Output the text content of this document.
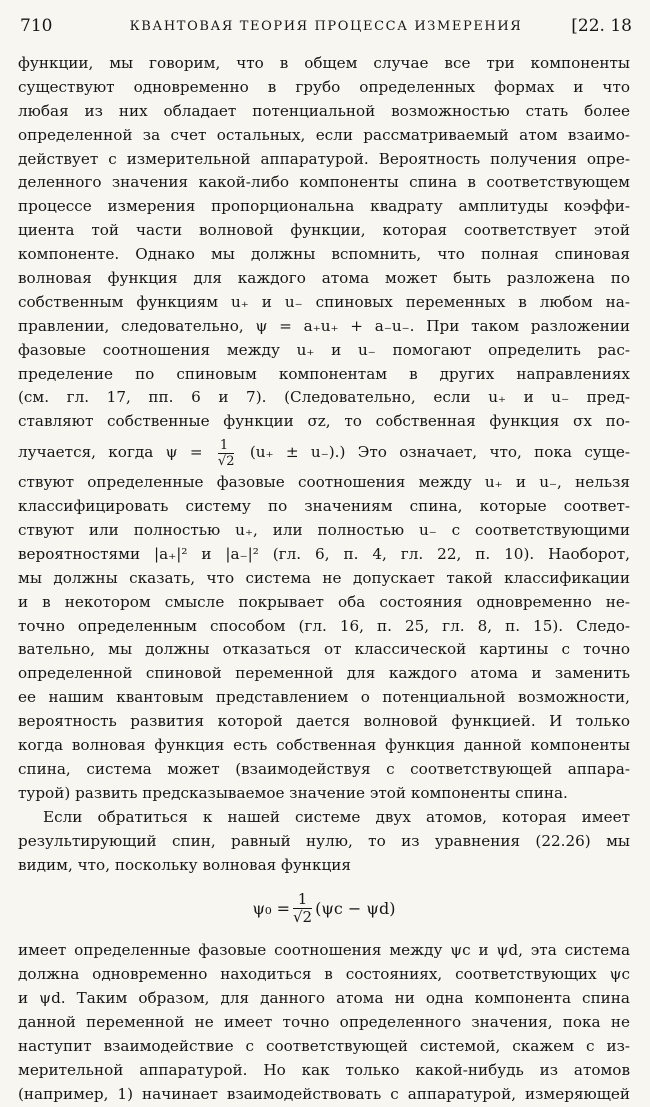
710	КВАНТОВАЯ ТЕОРИЯ ПРОЦЕССА ИЗМЕРЕНИЯ	[22. 18
функции, мы говорим, что в общем случае все три компоненты
существуют одновременно в грубо определенных формах и что
любая из них обладает потенциальной возможностью стать более
определенной за счет остальных, если рассматриваемый атом взаимо-
действует с измерительной аппаратурой. Вероятность получения опре-
деленного значения какой-либо компоненты спина в соответствующем
процессе измерения пропорциональна квадрату амплитуды коэффи-
циента той части волновой функции, которая соответствует этой
компоненте. Однако мы должны вспомнить, что полная спиновая
волновая функция для каждого атома может быть разложена по
собственным функциям u₊ и u₋ спиновых переменных в любом на-
правлении, следовательно, ψ = a₊u₊ + a₋u₋. При таком разложении
фазовые соотношения между u₊ и u₋ помогают определить рас-
пределение по спиновым компонентам в других направлениях
(см. гл. 17, пп. 6 и 7). (Следовательно, если u₊ и u₋ пред-
ставляют собственные функции σz, то собственная функция σx по-
лучается, когда $\psi = \frac{1}{√2} (u_+ \pm u_-)$.) Это означает, что, пока суще-
ствуют определенные фазовые соотношения между u₊ и u₋, нельзя
классифицировать систему по значениям спина, которые соответ-
ствуют или полностью u₊, или полностью u₋ с соответствующими
вероятностями |a₊|² и |a₋|² (гл. 6, п. 4, гл. 22, п. 10). Наоборот,
мы должны сказать, что система не допускает такой классификации
и в некотором смысле покрывает оба состояния одновременно не-
точно определенным способом (гл. 16, п. 25, гл. 8, п. 15). Следо-
вательно, мы должны отказаться от классической картины с точно
определенной спиновой переменной для каждого атома и заменить
ее нашим квантовым представлением о потенциальной возможности,
вероятность развития которой дается волновой функцией. И только
когда волновая функция есть собственная функция данной компоненты
спина, система может (взаимодействуя с соответствующей аппара-
турой) развить предсказываемое значение этой компоненты спина.
Если обратиться к нашей системе двух атомов, которая имеет
результирующий спин, равный нулю, то из уравнения (22.26) мы
видим, что, поскольку волновая функция
$\psi_0 = \frac{1}{√2} (\psi c - \psi d)$
имеет определенные фазовые соотношения между ψc и ψd, эта система
должна одновременно находиться в состояниях, соответствующих ψc
и ψd. Таким образом, для данного атома ни одна компонента спина
данной переменной не имеет точно определенного значения, пока не
наступит взаимодействие с соответствующей системой, скажем с из-
мерительной аппаратурой. Но как только какой-нибудь из атомов
(например, 1) начинает взаимодействовать с аппаратурой, измеряющей
